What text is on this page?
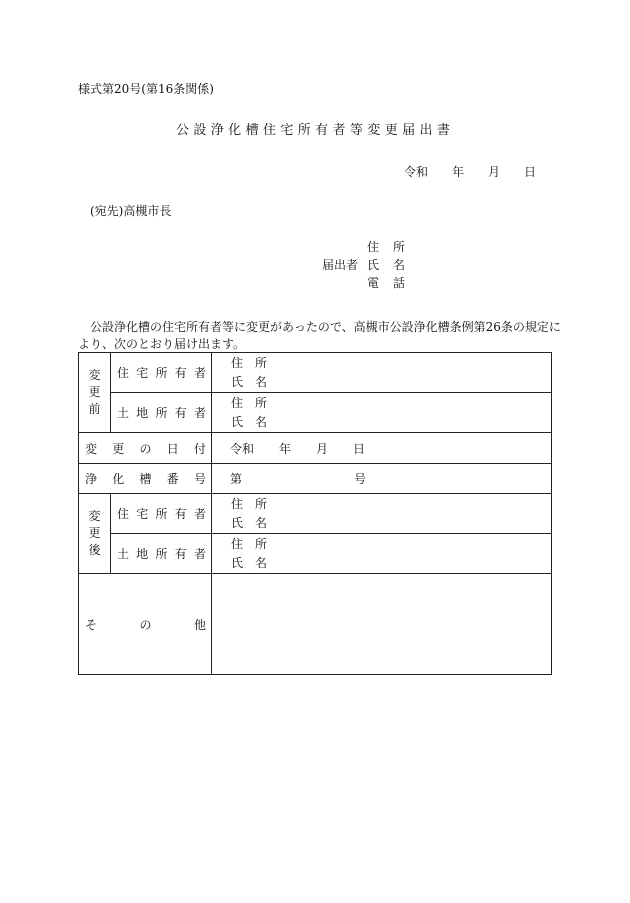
様式第20号(第16条関係)
公 設 浄 化 槽 住 宅 所 有 者 等 変 更 届 出 書
令和 年 月 日
(宛先)高槻市長
住 所
届出者 氏 名
電 話
公設浄化槽の住宅所有者等に変更があったので、高槻市公設浄化槽条例第26条の規定に
より、次のとおり届け出ます。
変
更
前	住 宅 所 有 者	住　所
氏　名

	土 地 所 有 者	住　所
氏　名

変 更 の 日 付		令和 年 月 日

浄 化 槽 番 号		第 号

変
更
後	住 宅 所 有 者	住　所
氏　名

	土 地 所 有 者	住　所
氏　名

そ の 他		
